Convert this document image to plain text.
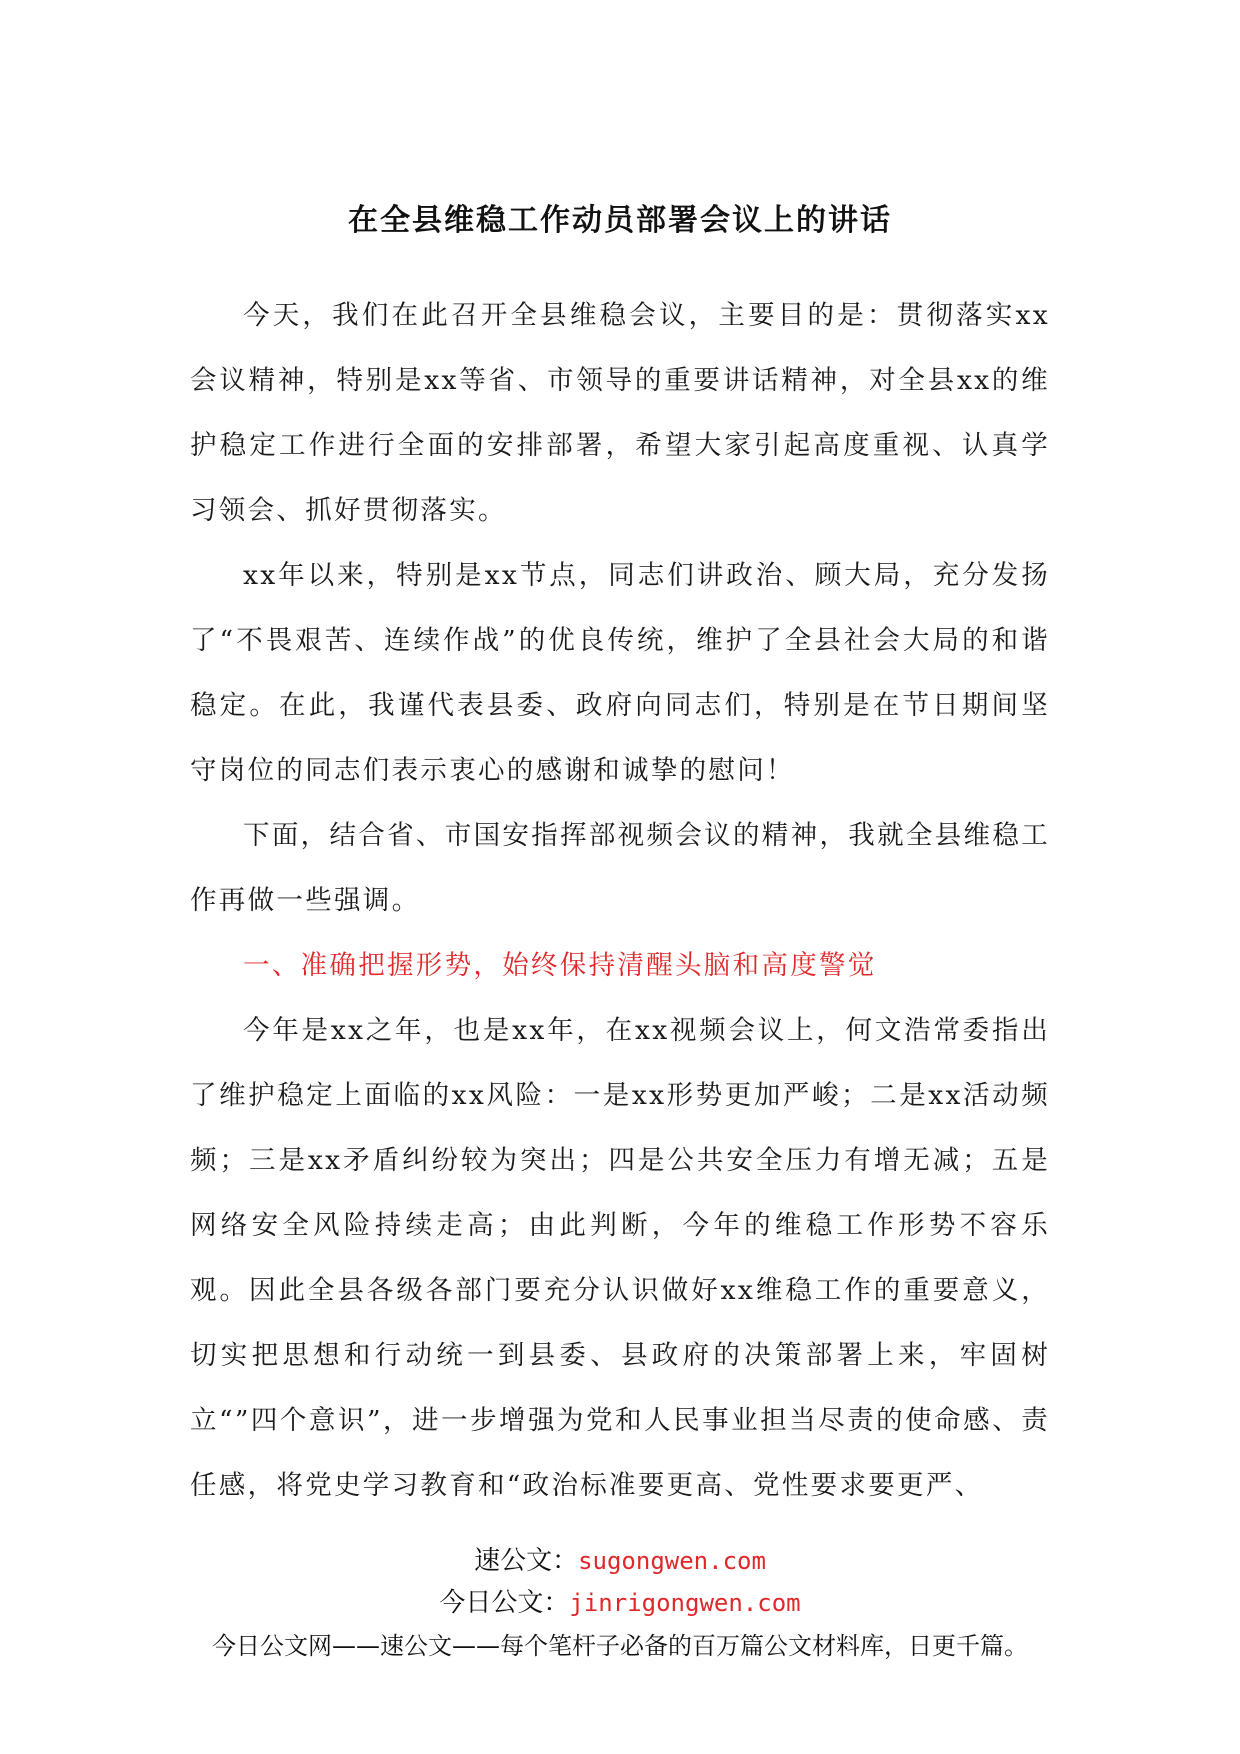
在全县维稳工作动员部署会议上的讲话

今天，我们在此召开全县维稳会议，主要目的是：贯彻落实xx会议精神，特别是xx等省、市领导的重要讲话精神，对全县xx的维护稳定工作进行全面的安排部署，希望大家引起高度重视、认真学习领会、抓好贯彻落实。

xx年以来，特别是xx节点，同志们讲政治、顾大局，充分发扬了“不畏艰苦、连续作战”的优良传统，维护了全县社会大局的和谐稳定。在此，我谨代表县委、政府向同志们，特别是在节日期间坚守岗位的同志们表示衷心的感谢和诚挚的慰问！

下面，结合省、市国安指挥部视频会议的精神，我就全县维稳工作再做一些强调。

一、准确把握形势，始终保持清醒头脑和高度警觉

今年是xx之年，也是xx年，在xx视频会议上，何文浩常委指出了维护稳定上面临的xx风险：一是xx形势更加严峻；二是xx活动频频；三是xx矛盾纠纷较为突出；四是公共安全压力有增无减；五是网络安全风险持续走高；由此判断，今年的维稳工作形势不容乐观。因此全县各级各部门要充分认识做好xx维稳工作的重要意义，切实把思想和行动统一到县委、县政府的决策部署上来，牢固树立“”四个意识”，进一步增强为党和人民事业担当尽责的使命感、责任感，将党史学习教育和“政治标准要更高、党性要求要更严、

速公文：sugongwen.com
今日公文：jinrigongwen.com
今日公文网——速公文——每个笔杆子必备的百万篇公文材料库，日更千篇。
